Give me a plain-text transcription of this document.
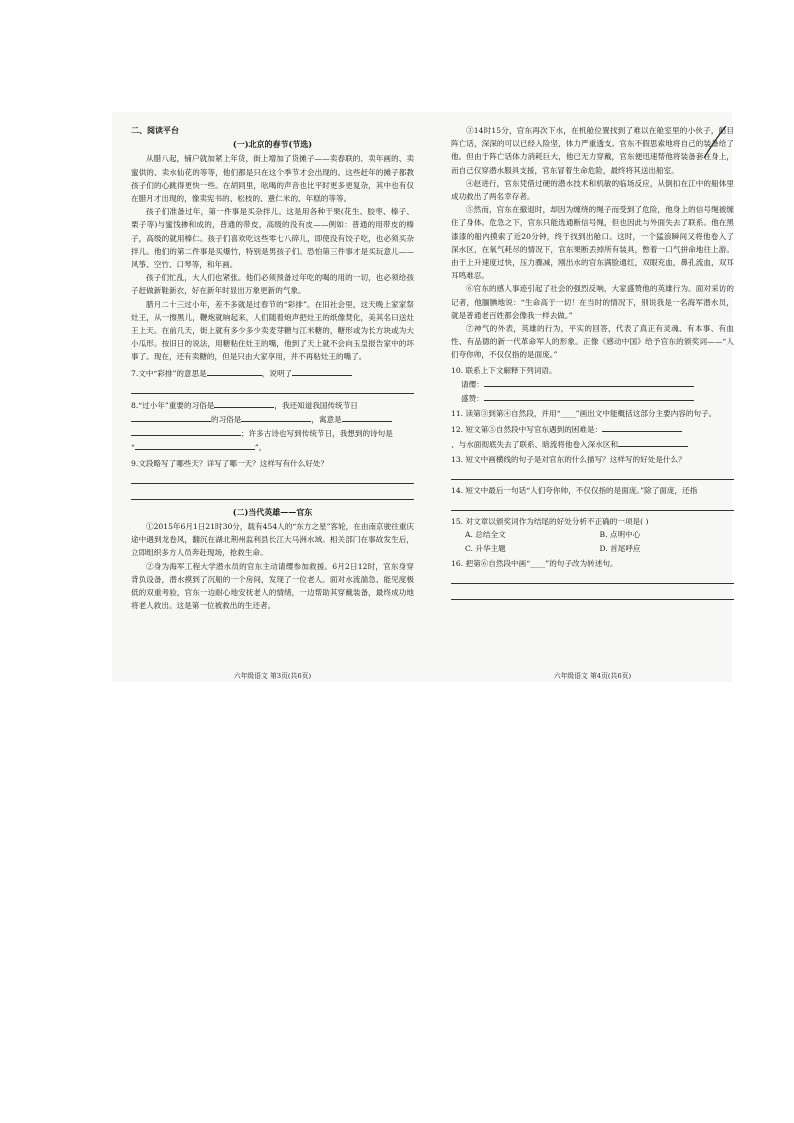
二、阅读平台

(一)北京的春节(节选)

从腊八起，铺户就加紧上年货，街上增加了货摊子——卖春联的、卖年画的、卖蜜供的、卖水仙花的等等，他们都是只在这个季节才会出现的。这些赶年的摊子都教孩子们的心跳得更快一些。在胡同里，吆喝的声音也比平时更多更复杂，其中也有仅在腊月才出现的，像卖宪书的、松枝的、薏仁米的、年糕的等等。

孩子们准备过年，第一件事是买杂拌儿。这是用各种干果(花生、胶枣、榛子、栗子等)与蜜饯掺和成的，普通的带皮，高级的没有皮——例如：普通的用带皮的榛子，高级的就用榛仁。孩子们喜欢吃这些零七八碎儿，即使没有饺子吃，也必须买杂拌儿。他们的第二件事是买爆竹，特别是男孩子们。恐怕第三件事才是买玩意儿——风筝、空竹、口琴等，和年画。

孩子们忙乱，大人们也紧张。他们必须预备过年吃的喝的用的一切，也必须给孩子赶做新鞋新衣，好在新年时显出万象更新的气象。

腊月二十三过小年，差不多就是过春节的“彩排”。在旧社会里，这天晚上家家祭灶王，从一擦黑儿，鞭炮就响起来，人们随着炮声把灶王的纸像焚化，美其名曰送灶王上天。在前几天，街上就有多少多少卖麦芽糖与江米糖的，糖形或为长方块或为大小瓜形。按旧日的说法，用糖粘住灶王的嘴，他到了天上就不会向玉皇报告家中的坏事了。现在，还有卖糖的，但是只由大家享用，并不再粘灶王的嘴了。

7.文中“彩排”的意思是	，说明了

8.“过小年”重要的习俗是	，我还知道我国传统节日
的习俗是	，寓意是
；许多古诗也写到传统节日，我想到的诗句是
“	”。

9.文段略写了哪些天？详写了哪一天？这样写有什么好处？

(二)当代英雄——官东

①2015年6月1日21时30分，载有454人的“东方之星”客轮，在由南京驶往重庆途中遇到龙卷风，翻沉在湖北荆州监利县长江大马洲水域。相关部门在事故发生后，立即组织多方人员奔赴现场，抢救生命。

②身为海军工程大学潜水员的官东主动请缨参加救援。6月2日12时，官东身穿背负设备，潜水摸到了沉船的一个房间，发现了一位老人。面对水流湍急、能见度极低的双重考验，官东一边耐心地安抚老人的情绪，一边帮助其穿戴装备，最终成功地将老人救出。这是第一位被救出的生还者。

六年级语文 第3页(共6页)

③14时15分，官东再次下水，在机舱位置找到了难以在舱室里的小伙子，船目阵亡话，深深的可以已经入险坚，体力严重透支。官东不假思索地将自己的装备给了他。但由于阵亡话体力消耗巨大，他已无力穿戴，官东便迅速帮他将装备套在身上，而自己仅穿潜水服具支援，官东冒着生命危险，最终将其送出船室。

④赵进行，官东凭借过硬的潜水技术和机敏的临场反应，从倒扣在江中的船体里成功救出了两名幸存者。

⑤然而，官东在撤退时，却因为缠绕的绳子而受到了危险，他身上的信号绳被缠住了身体。危急之下，官东只能选通断信号绳，但也因此与外面失去了联系。他在黑漆漆的船内摸索了近20分钟，终于找到出舱口。这时，一个猛浪瞬间又将他卷入了深水区，在氧气耗尽的情况下，官东果断丢掉所有装具，憋着一口气拼命地往上游。由于上升速度过快，压力骤减，刚出水的官东满脸通红，双眼充血，鼻孔流血，双耳耳鸣难忍。

⑥官东的感人事迹引起了社会的强烈反响，大家盛赞他的英雄行为。面对采访的记者，他腼腆地说：“生命高于一切！在当时的情况下，别说我是一名海军潜水员，就是普通老百姓都会像我一样去做。”

⑦神气的外表，英雄的行为，平实的回答，代表了真正有灵魂、有本事、有血性、有品德的新一代革命军人的形象。正像《感动中国》给予官东的颁奖词——“人们夸你帅，不仅仅指的是面庞。”

10. 联系上下文解释下列词语。

请缨：

盛赞：

11. 读第③到第④自然段，并用“____”画出文中能概括这部分主要内容的句子。

12. 短文第⑤自然段中写官东遇到的困难是：

、与水面彻底失去了联系、暗流将他卷入深水区和

13. 短文中画横线的句子是对官东的什么描写？这样写的好处是什么？

14. 短文中最后一句话“人们夸你帅，不仅仅指的是面庞。”除了面庞，还指

15. 对文章以颁奖词作为结尾的好处分析不正确的一项是( )

A. 总结全文	B. 点明中心
C. 升华主题	D. 首尾呼应

16. 把第⑥自然段中画“____”的句子改为转述句。

六年级语文 第4页(共6页)
